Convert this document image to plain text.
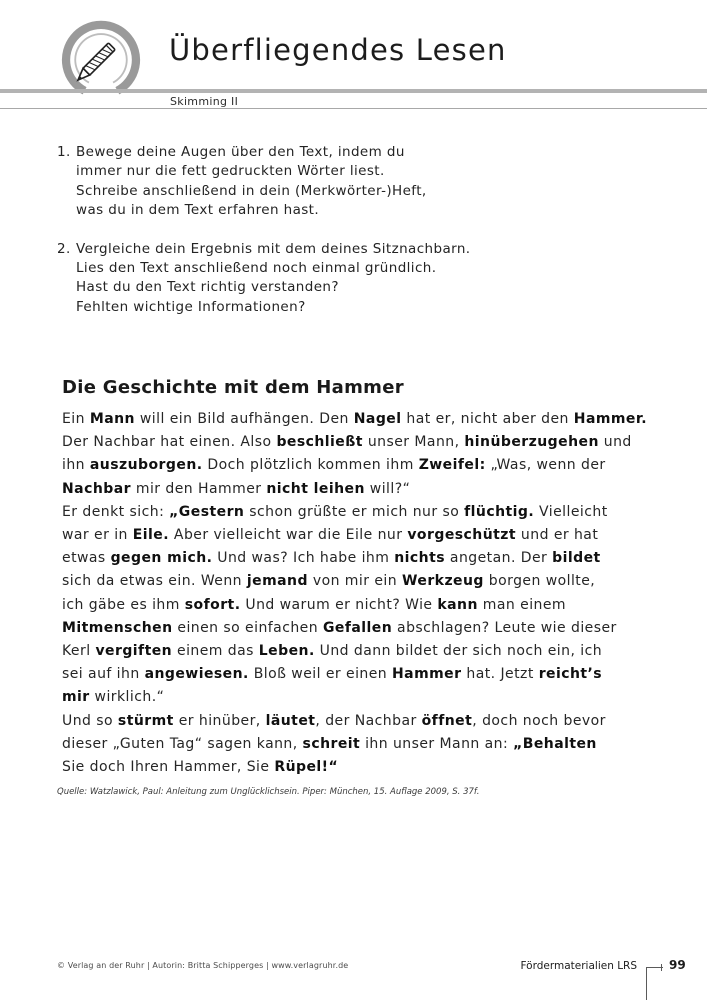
Überfliegendes Lesen
Skimming II
1. Bewege deine Augen über den Text, indem du
immer nur die fett gedruckten Wörter liest.
Schreibe anschließend in dein (Merkwörter-)Heft,
was du in dem Text erfahren hast.
2. Vergleiche dein Ergebnis mit dem deines Sitznachbarn.
Lies den Text anschließend noch einmal gründlich.
Hast du den Text richtig verstanden?
Fehlten wichtige Informationen?
Die Geschichte mit dem Hammer
Ein Mann will ein Bild aufhängen. Den Nagel hat er, nicht aber den Hammer.
Der Nachbar hat einen. Also beschließt unser Mann, hinüberzugehen und
ihn auszuborgen. Doch plötzlich kommen ihm Zweifel: „Was, wenn der
Nachbar mir den Hammer nicht leihen will?“
Er denkt sich: „Gestern schon grüßte er mich nur so flüchtig. Vielleicht
war er in Eile. Aber vielleicht war die Eile nur vorgeschützt und er hat
etwas gegen mich. Und was? Ich habe ihm nichts angetan. Der bildet
sich da etwas ein. Wenn jemand von mir ein Werkzeug borgen wollte,
ich gäbe es ihm sofort. Und warum er nicht? Wie kann man einem
Mitmenschen einen so einfachen Gefallen abschlagen? Leute wie dieser
Kerl vergiften einem das Leben. Und dann bildet der sich noch ein, ich
sei auf ihn angewiesen. Bloß weil er einen Hammer hat. Jetzt reicht’s
mir wirklich.“
Und so stürmt er hinüber, läutet, der Nachbar öffnet, doch noch bevor
dieser „Guten Tag“ sagen kann, schreit ihn unser Mann an: „Behalten
Sie doch Ihren Hammer, Sie Rüpel!“
Quelle: Watzlawick, Paul: Anleitung zum Unglücklichsein. Piper: München, 15. Auflage 2009, S. 37f.
© Verlag an der Ruhr | Autorin: Britta Schipperges | www.verlagruhr.de	Fördermaterialien LRS	99
